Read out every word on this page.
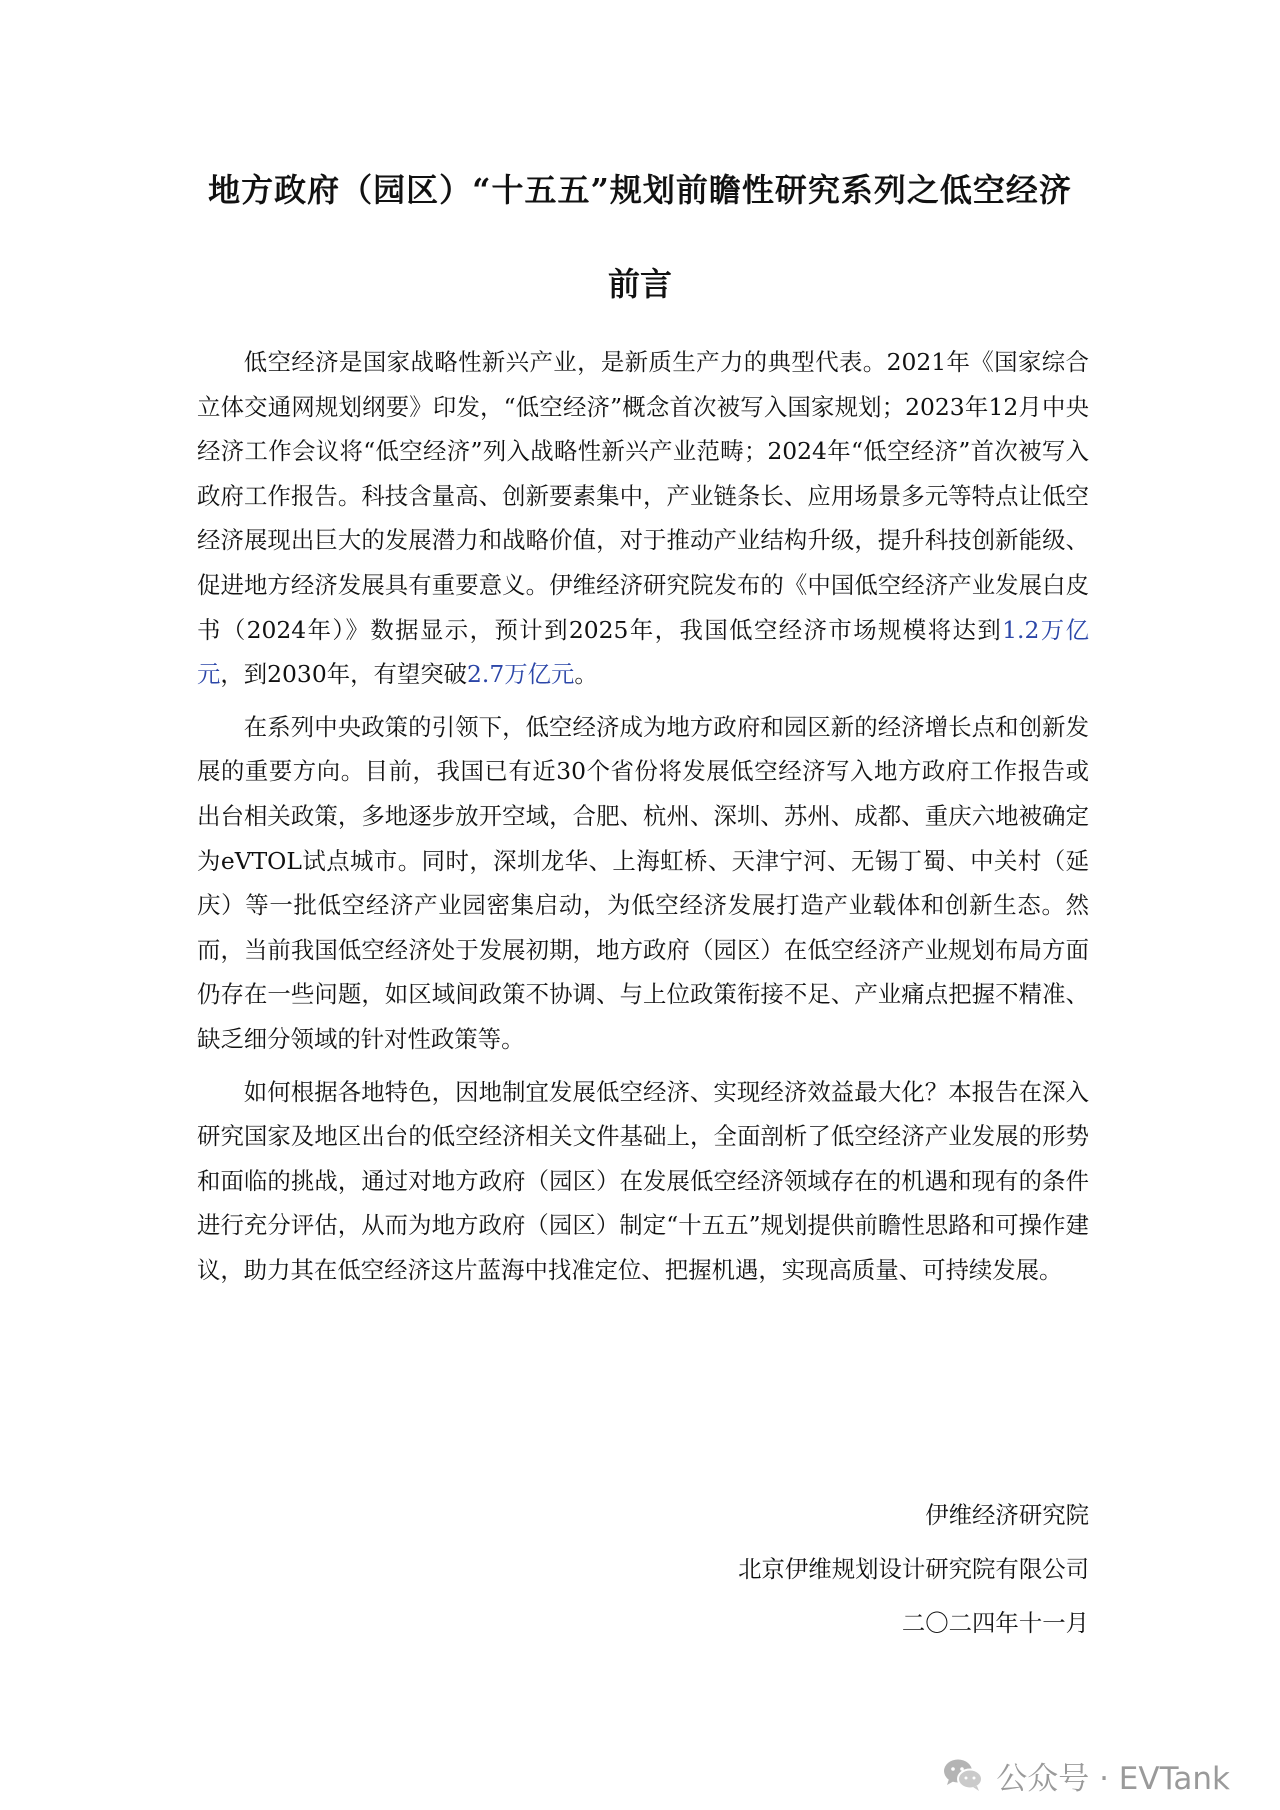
地方政府（园区）“十五五”规划前瞻性研究系列之低空经济
前言

低空经济是国家战略性新兴产业，是新质生产力的典型代表。2021年《国家综合立体交通网规划纲要》印发，“低空经济”概念首次被写入国家规划；2023年12月中央经济工作会议将“低空经济”列入战略性新兴产业范畴；2024年“低空经济”首次被写入政府工作报告。科技含量高、创新要素集中，产业链条长、应用场景多元等特点让低空经济展现出巨大的发展潜力和战略价值，对于推动产业结构升级，提升科技创新能级、促进地方经济发展具有重要意义。伊维经济研究院发布的《中国低空经济产业发展白皮书（2024年）》数据显示，预计到2025年，我国低空经济市场规模将达到1.2万亿元，到2030年，有望突破2.7万亿元。

在系列中央政策的引领下，低空经济成为地方政府和园区新的经济增长点和创新发展的重要方向。目前，我国已有近30个省份将发展低空经济写入地方政府工作报告或出台相关政策，多地逐步放开空域，合肥、杭州、深圳、苏州、成都、重庆六地被确定为eVTOL试点城市。同时，深圳龙华、上海虹桥、天津宁河、无锡丁蜀、中关村（延庆）等一批低空经济产业园密集启动，为低空经济发展打造产业载体和创新生态。然而，当前我国低空经济处于发展初期，地方政府（园区）在低空经济产业规划布局方面仍存在一些问题，如区域间政策不协调、与上位政策衔接不足、产业痛点把握不精准、缺乏细分领域的针对性政策等。

如何根据各地特色，因地制宜发展低空经济、实现经济效益最大化？本报告在深入研究国家及地区出台的低空经济相关文件基础上，全面剖析了低空经济产业发展的形势和面临的挑战，通过对地方政府（园区）在发展低空经济领域存在的机遇和现有的条件进行充分评估，从而为地方政府（园区）制定“十五五”规划提供前瞻性思路和可操作建议，助力其在低空经济这片蓝海中找准定位、把握机遇，实现高质量、可持续发展。

伊维经济研究院
北京伊维规划设计研究院有限公司
二〇二四年十一月
公众号 · EVTank
